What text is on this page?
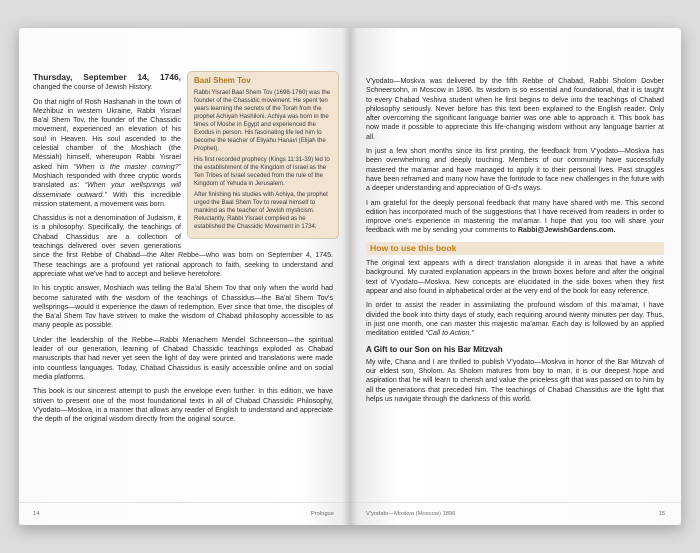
Baal Shem Tov

Rabbi Yisrael Baal Shem Tov (1698-1760) was the founder of the Chassidic movement. He spent ten years learning the secrets of the Torah from the prophet Achiyah Hashiloni. Achiya was born in the times of Moshe in Egypt and experienced the Exodus in person. His fascinating life led him to become the teacher of Eliyahu Hanavi (Elijah the Prophet).

His first recorded prophecy (Kings 11:31-39) led to the establishment of the Kingdom of Israel as the Ten Tribes of Israel seceded from the rule of the Kingdom of Yehuda in Jerusalem.

After finishing his studies with Achiya, the prophet urged the Baal Shem Tov to reveal himself to mankind as the teacher of Jewish mysticism. Reluctantly, Rabbi Yisrael complied as he established the Chassidic Movement in 1734.

Thursday, September 14, 1746, changed the course of Jewish History.

On that night of Rosh Hashanah in the town of Mezhibuz in western Ukraine, Rabbi Yisrael Ba'al Shem Tov, the founder of the Chassidic movement, experienced an elevation of his soul in Heaven. His soul ascended to the celestial chamber of the Moshiach (the Messiah) himself, whereupon Rabbi Yisrael asked him “When is the master coming?” Moshiach responded with three cryptic words translated as: “When your wellsprings will disseminate outward.” With this incredible mission statement, a movement was born.

Chassidus is not a denomination of Judaism, it is a philosophy. Specifically, the teachings of Chabad Chassidus are a collection of teachings delivered over seven generations since the first Rebbe of Chabad—the Alter Rebbe—who was born on September 4, 1745. These teachings are a profound yet rational approach to faith, seeking to understand and appreciate what we've had to accept and believe heretofore.

In his cryptic answer, Moshiach was telling the Ba'al Shem Tov that only when the world had become saturated with the wisdom of the teachings of Chassidus—the Ba'al Shem Tov's wellsprings—would it experience the dawn of redemption. Ever since that time, the disciples of the Ba'al Shem Tov have striven to make the wisdom of Chabad philosophy accessible to as many people as possible.

Under the leadership of the Rebbe—Rabbi Menachem Mendel Schneerson—the spiritual leader of our generation, learning of Chabad Chassidic teachings exploded as Chabad manuscripts that had never yet seen the light of day were printed and translations were made into countless languages. Today, Chabad Chassidus is easily accessible online and on social media platforms.

This book is our sincerest attempt to push the envelope even further. In this edition, we have striven to present one of the most foundational texts in all of Chabad Chassidic Philosophy, V'yodato—Moskva, in a manner that allows any reader of English to understand and appreciate the depth of the original wisdom directly from the original source.

14	Prologue

V'yodato—Moskva was delivered by the fifth Rebbe of Chabad, Rabbi Sholom Dovber Schneersohn, in Moscow in 1896. Its wisdom is so essential and foundational, that it is taught to every Chabad Yeshiva student when he first begins to delve into the teachings of Chabad philosophy seriously. Never before has this text been explained to the English reader. Only after overcoming the significant language barrier was one able to approach it. This book has now made it possible to appreciate this life-changing wisdom without any language barrier at all.

In just a few short months since its first printing, the feedback from V'yodato—Moskva has been overwhelming and deeply touching. Members of our community have successfully mastered the ma'amar and have managed to apply it to their personal lives. Past struggles have been reframed and many now have the fortitude to face new challenges in the future with a deeper understanding and appreciation of G-d's ways.

I am grateful for the deeply personal feedback that many have shared with me. This second edition has incorporated much of the suggestions that I have received from readers in order to improve one's experience in mastering the ma'amar. I hope that you too will share your feedback with me by sending your comments to Rabbi@JewishGardens.com.

How to use this book

The original text appears with a direct translation alongside it in areas that have a white background. My curated explanation appears in the brown boxes before and after the original text of V'yodato—Moskva. New concepts are elucidated in the side boxes when they first appear and also found in alphabetical order at the very end of the book for easy reference.

In order to assist the reader in assimilating the profound wisdom of this ma'amar, I have divided the book into thirty days of study, each requiring around twenty minutes per day. Thus, in just one month, one can master this majestic ma'amar. Each day is followed by an applied meditation entitled “Call to Action.”

A Gift to our Son on his Bar Mitzvah

My wife, Chana and I are thrilled to publish V'yodato—Moskva in honor of the Bar Mitzvah of our eldest son, Sholom. As Sholom matures from boy to man, it is our deepest hope and aspiration that he will learn to cherish and value the priceless gift that was passed on to him by all the generations that preceded him. The teachings of Chabad Chassidus are the light that helps us navigate through the darkness of this world.

V'yodato—Moskva (Moscow) 1896	15
